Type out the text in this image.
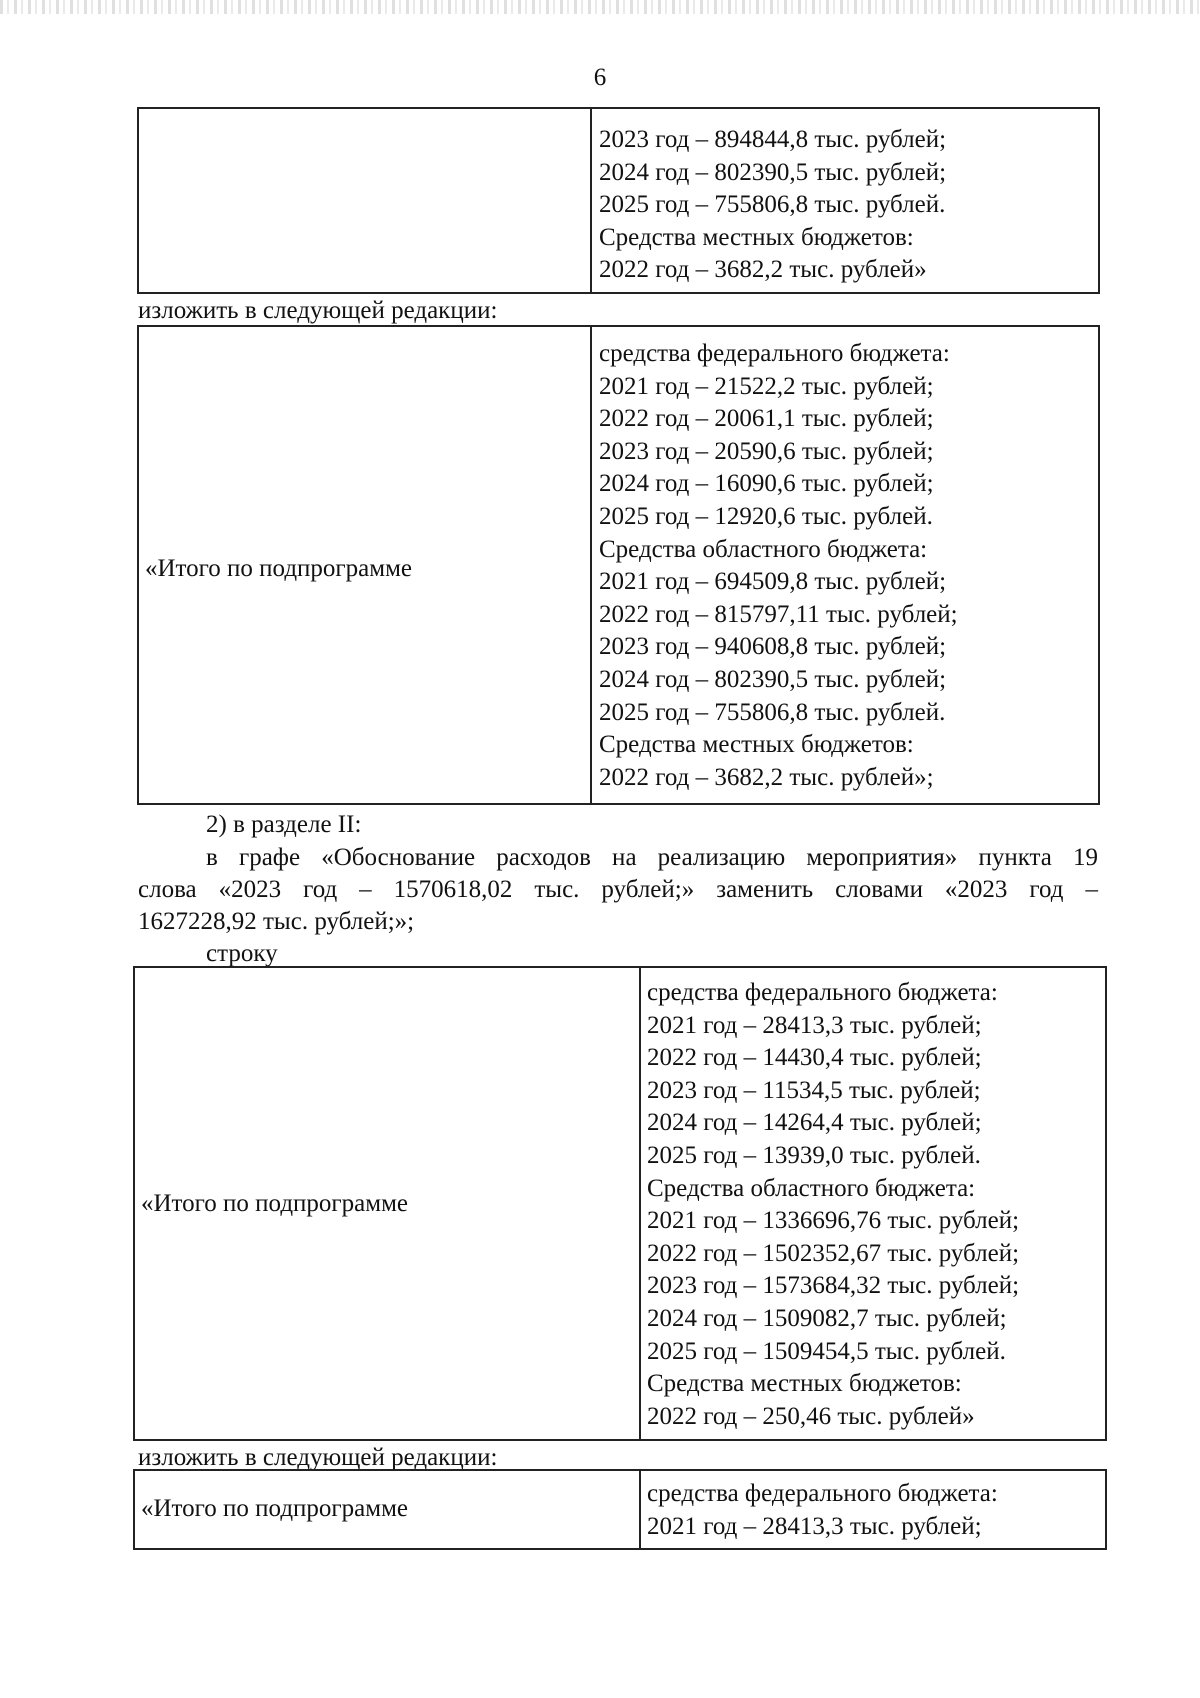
6
2023 год – 894844,8 тыс. рублей;
2024 год – 802390,5 тыс. рублей;
2025 год – 755806,8 тыс. рублей.
Средства местных бюджетов:
2022 год – 3682,2 тыс. рублей»
изложить в следующей редакции:
«Итого по подпрограмме
средства федерального бюджета:
2021 год – 21522,2 тыс. рублей;
2022 год – 20061,1 тыс. рублей;
2023 год – 20590,6 тыс. рублей;
2024 год – 16090,6 тыс. рублей;
2025 год – 12920,6 тыс. рублей.
Средства областного бюджета:
2021 год – 694509,8 тыс. рублей;
2022 год – 815797,11 тыс. рублей;
2023 год – 940608,8 тыс. рублей;
2024 год – 802390,5 тыс. рублей;
2025 год – 755806,8 тыс. рублей.
Средства местных бюджетов:
2022 год – 3682,2 тыс. рублей»;
2) в разделе II:
в графе «Обоснование расходов на реализацию мероприятия» пункта 19
слова «2023 год – 1570618,02 тыс. рублей;» заменить словами «2023 год –
1627228,92 тыс. рублей;»;
строку
«Итого по подпрограмме
средства федерального бюджета:
2021 год – 28413,3 тыс. рублей;
2022 год – 14430,4 тыс. рублей;
2023 год – 11534,5 тыс. рублей;
2024 год – 14264,4 тыс. рублей;
2025 год – 13939,0 тыс. рублей.
Средства областного бюджета:
2021 год – 1336696,76 тыс. рублей;
2022 год – 1502352,67 тыс. рублей;
2023 год – 1573684,32 тыс. рублей;
2024 год – 1509082,7 тыс. рублей;
2025 год – 1509454,5 тыс. рублей.
Средства местных бюджетов:
2022 год – 250,46 тыс. рублей»
изложить в следующей редакции:
«Итого по подпрограмме
средства федерального бюджета:
2021 год – 28413,3 тыс. рублей;
